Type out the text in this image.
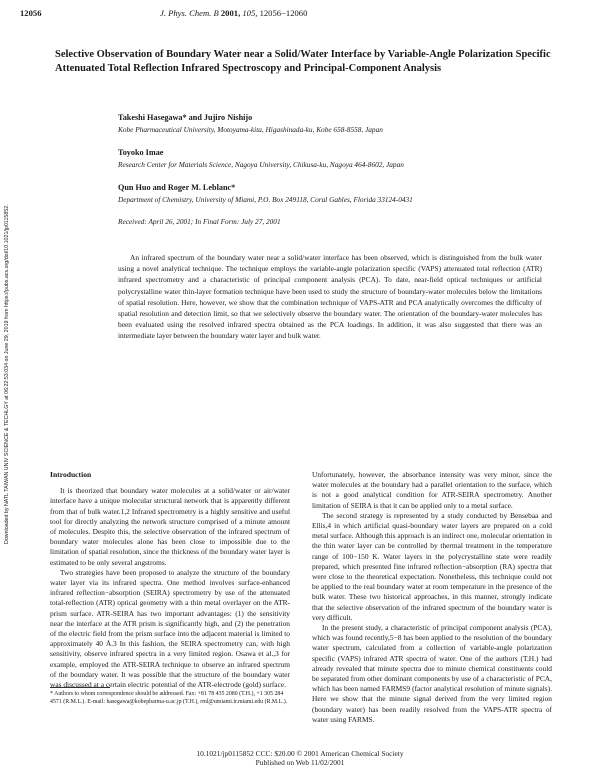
12056	J. Phys. Chem. B 2001, 105, 12056−12060
Selective Observation of Boundary Water near a Solid/Water Interface by Variable-Angle Polarization Specific Attenuated Total Reflection Infrared Spectroscopy and Principal-Component Analysis
Takeshi Hasegawa* and Jujiro Nishijo
Kobe Pharmaceutical University, Motoyama-kita, Higashinada-ku, Kobe 658-8558, Japan
Toyoko Imae
Research Center for Materials Science, Nagoya University, Chikusa-ku, Nagoya 464-8602, Japan
Qun Huo and Roger M. Leblanc*
Department of Chemistry, University of Miami, P.O. Box 249118, Coral Gables, Florida 33124-0431
Received: April 26, 2001; In Final Form: July 27, 2001
Downloaded by NATL TAIWAN UNIV SCIENCE & TECHLGY at 06:22:53:034 on June 29, 2019 from https://pubs.acs.org/doi/10.1021/jp0115852.	An infrared spectrum of the boundary water near a solid/water interface has been observed, which is distinguished from the bulk water using a novel analytical technique. The technique employs the variable-angle polarization specific (VAPS) attenuated total reflection (ATR) infrared spectrometry and a characteristic of principal component analysis (PCA). To date, near-field optical techniques or artificial polycrystalline water thin-layer formation technique have been used to study the structure of boundary-water molecules below the limitations of spatial resolution. Here, however, we show that the combination technique of VAPS-ATR and PCA analytically overcomes the difficulty of spatial resolution and detection limit, so that we selectively observe the boundary water. The orientation of the boundary-water molecules has been evaluated using the resolved infrared spectra obtained as the PCA loadings. In addition, it was also suggested that there was an intermediate layer between the boundary water layer and bulk water.

Introduction

It is theorized that boundary water molecules at a solid/water or air/water interface have a unique molecular structural network that is apparently different from that of bulk water.1,2 Infrared spectrometry is a highly sensitive and useful tool for directly analyzing the network structure comprised of a minute amount of molecules. Despite this, the selective observation of the infrared spectrum of boundary water molecules alone has been close to impossible due to the limitation of spatial resolution, since the thickness of the boundary water layer is estimated to be only several angstroms.

Two strategies have been proposed to analyze the structure of the boundary water layer via its infrared spectra. One method involves surface-enhanced infrared reflection−absorption (SEIRA) spectrometry by use of the attenuated total-reflection (ATR) optical geometry with a thin metal overlayer on the ATR-prism surface. ATR-SEIRA has two important advantages: (1) the sensitivity near the interface at the ATR prism is significantly high, and (2) the penetration of the electric field from the prism surface into the adjacent material is limited to approximately 40 Å.3 In this fashion, the SEIRA spectrometry can, with high sensitivity, observe infrared spectra in a very limited region. Osawa et al.,3 for example, employed the ATR-SEIRA technique to observe an infrared spectrum of the boundary water. It was possible that the structure of the boundary water was discussed at a certain electric potential of the ATR-electrode (gold) surface.

Unfortunately, however, the absorbance intensity was very minor, since the water molecules at the boundary had a parallel orientation to the surface, which is not a good analytical condition for ATR-SEIRA spectrometry. Another limitation of SEIRA is that it can be applied only to a metal surface.

The second strategy is represented by a study conducted by Bensebaa and Ellis,4 in which artificial quasi-boundary water layers are prepared on a cold metal surface. Although this approach is an indirect one, molecular orientation in the thin water layer can be controlled by thermal treatment in the temperature range of 100−150 K. Water layers in the polycrystalline state were readily prepared, which presented fine infrared reflection−absorption (RA) spectra that were close to the theoretical expectation. Nonetheless, this technique could not be applied to the real boundary water at room temperature in the presence of the bulk water. These two historical approaches, in this manner, strongly indicate that the selective observation of the infrared spectrum of the boundary water is very difficult.

In the present study, a characteristic of principal component analysis (PCA), which was found recently,5−8 has been applied to the resolution of the boundary water spectrum, calculated from a collection of variable-angle polarization specific (VAPS) infrared ATR spectra of water. One of the authors (T.H.) had already revealed that minute spectra due to minute chemical constituents could be separated from other dominant components by use of a characteristic of PCA, which has been named FARMS9 (factor analytical resolution of minute signals). Here we show that the minute signal derived from the very limited region (boundary water) has been readily resolved from the VAPS-ATR spectra of water using FARMS.

* Authors to whom correspondence should be addressed. Fax: +81 78 435 2080 (T.H.), +1 305 284 4571 (R.M.L.). E-mail: hasegawa@kobepharma-u.ac.jp (T.H.), rml@umiami.ir.miami.edu (R.M.L.).

10.1021/jp0115852 CCC: $20.00 © 2001 American Chemical Society
Published on Web 11/02/2001
